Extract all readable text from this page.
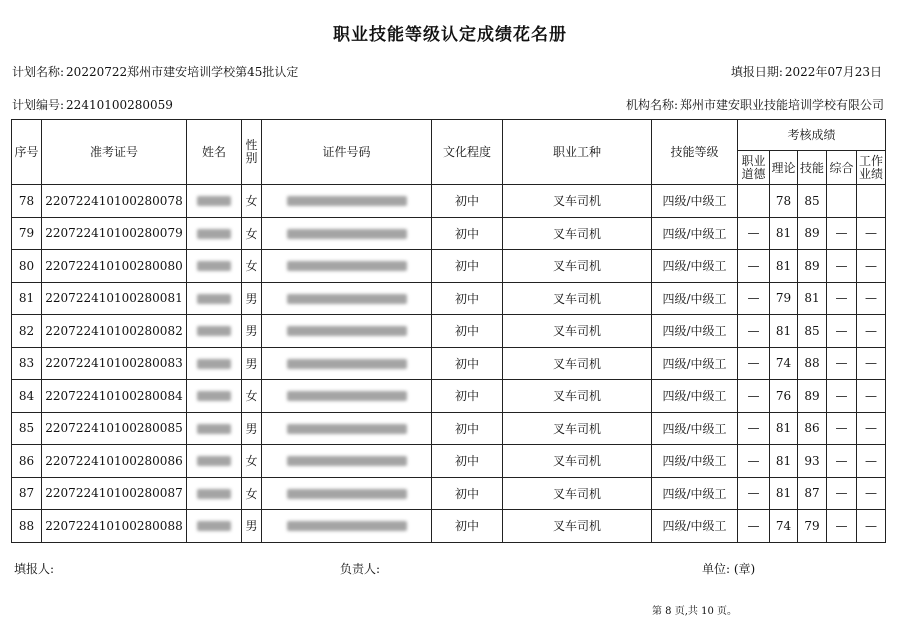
职业技能等级认定成绩花名册
计划名称: 20220722郑州市建安培训学校第45批认定	填报日期: 2022年07月23日
计划编号: 22410100280059	机构名称: 郑州市建安职业技能培训学校有限公司
序号	准考证号	姓名	性别	证件号码	文化程度	职业工种	技能等级	考核成绩				
								职业道德	理论	技能	综合	工作业绩
78	220722410100280078		女		初中	叉车司机	四级/中级工		78	85		
79	220722410100280079		女		初中	叉车司机	四级/中级工	—	81	89	—	—
80	220722410100280080		女		初中	叉车司机	四级/中级工	—	81	89	—	—
81	220722410100280081		男		初中	叉车司机	四级/中级工	—	79	81	—	—
82	220722410100280082		男		初中	叉车司机	四级/中级工	—	81	85	—	—
83	220722410100280083		男		初中	叉车司机	四级/中级工	—	74	88	—	—
84	220722410100280084		女		初中	叉车司机	四级/中级工	—	76	89	—	—
85	220722410100280085		男		初中	叉车司机	四级/中级工	—	81	86	—	—
86	220722410100280086		女		初中	叉车司机	四级/中级工	—	81	93	—	—
87	220722410100280087		女		初中	叉车司机	四级/中级工	—	81	87	—	—
88	220722410100280088		男		初中	叉车司机	四级/中级工	—	74	79	—	—
填报人:	负责人:	单位: (章)
第 8 页,共 10 页。
